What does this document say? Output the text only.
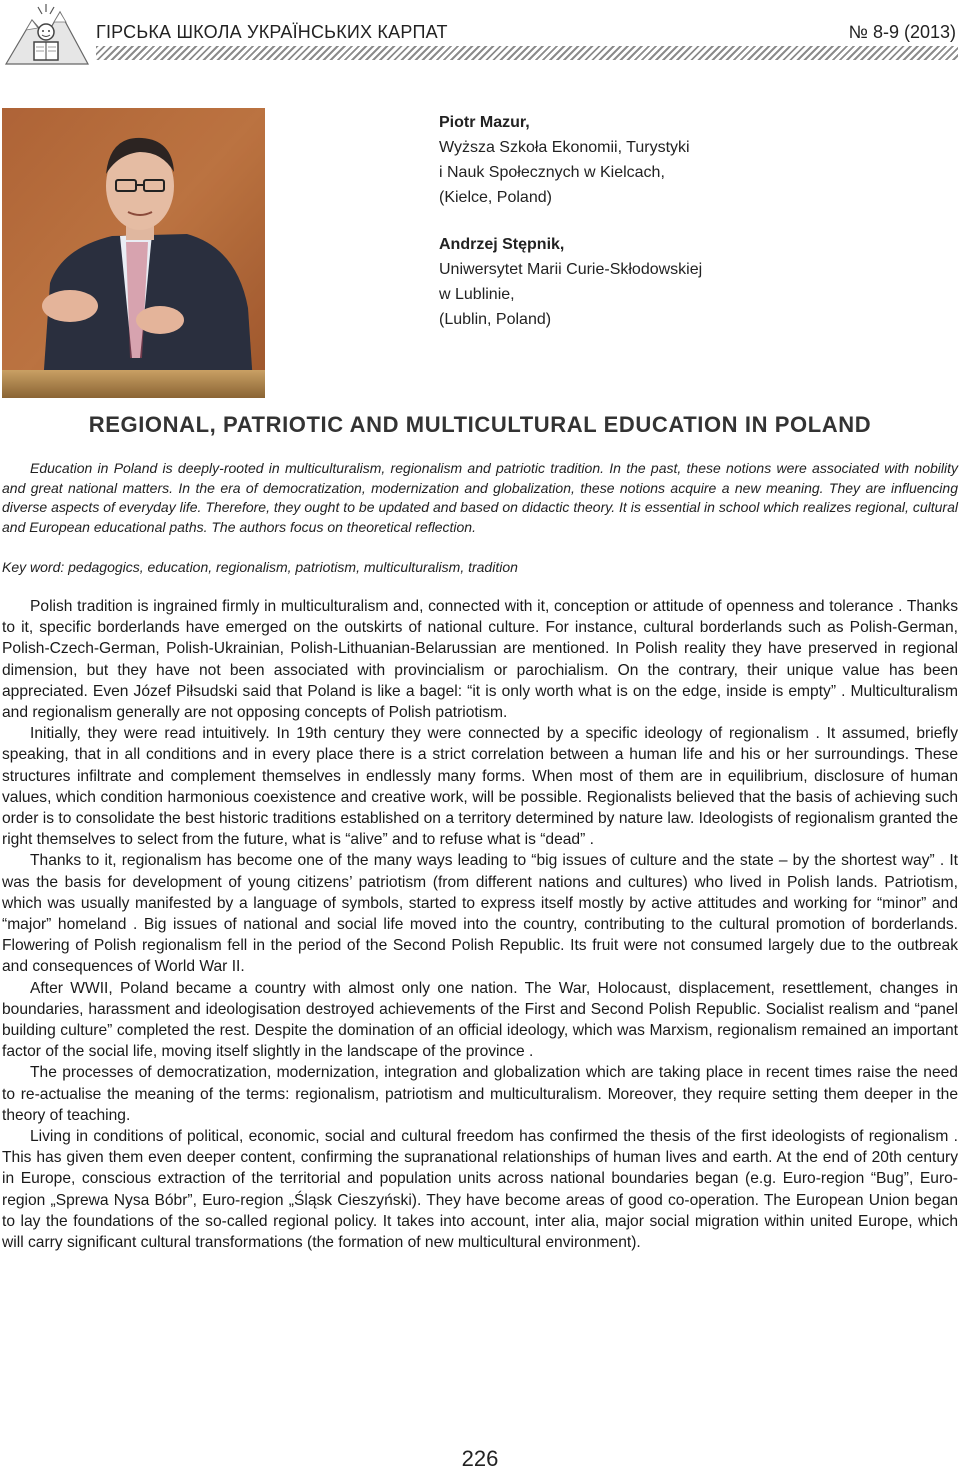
ГІРСЬКА ШКОЛА УКРАЇНСЬКИХ КАРПАТ	№ 8-9 (2013)
Piotr Mazur,
Wyższa Szkoła Ekonomii, Turystyki
i Nauk Społecznych w Kielcach,
(Kielce, Poland)
Andrzej Stępnik,
Uniwersytet Marii Curie-Skłodowskiej
w Lublinie,
(Lublin, Poland)
REGIONAL, PATRIOTIC AND MULTICULTURAL EDUCATION IN POLAND
Education in Poland is deeply-rooted in multiculturalism, regionalism and patriotic tradition. In the past, these notions were associated with nobility and great national matters. In the era of democratization, modernization and globalization, these notions acquire a new meaning. They are influencing diverse aspects of everyday life. Therefore, they ought to be updated and based on didactic theory. It is essential in school which realizes regional, cultural and European educational paths. The authors focus on theoretical reflection.
Key word: pedagogics, education, regionalism, patriotism, multiculturalism, tradition

Polish tradition is ingrained firmly in multiculturalism and, connected with it, conception or attitude of openness and tolerance . Thanks to it, specific borderlands have emerged on the outskirts of national culture. For instance, cultural borderlands such as Polish-German, Polish-Czech-German, Polish-Ukrainian, Polish-Lithuanian-Belarussian are mentioned. In Polish reality they have preserved in regional dimension, but they have not been associated with provincialism or parochialism. On the contrary, their unique value has been appreciated. Even Józef Piłsudski said that Poland is like a bagel: “it is only worth what is on the edge, inside is empty” . Multiculturalism and regionalism generally are not opposing concepts of Polish patriotism.

Initially, they were read intuitively. In 19th century they were connected by a specific ideology of regionalism . It assumed, briefly speaking, that in all conditions and in every place there is a strict correlation between a human life and his or her surroundings. These structures infiltrate and complement themselves in endlessly many forms. When most of them are in equilibrium, disclosure of human values, which condition harmonious coexistence and creative work, will be possible. Regionalists believed that the basis of achieving such order is to consolidate the best historic traditions established on a territory determined by nature law. Ideologists of regionalism granted the right themselves to select from the future, what is “alive” and to refuse what is “dead” .

Thanks to it, regionalism has become one of the many ways leading to “big issues of culture and the state – by the shortest way” . It was the basis for development of young citizens’ patriotism (from different nations and cultures) who lived in Polish lands. Patriotism, which was usually manifested by a language of symbols, started to express itself mostly by active attitudes and working for “minor” and “major” homeland . Big issues of national and social life moved into the country, contributing to the cultural promotion of borderlands. Flowering of Polish regionalism fell in the period of the Second Polish Republic. Its fruit were not consumed largely due to the outbreak and consequences of World War II.

After WWII, Poland became a country with almost only one nation. The War, Holocaust, displacement, resettlement, changes in boundaries, harassment and ideologisation destroyed achievements of the First and Second Polish Republic. Socialist realism and “panel building culture” completed the rest. Despite the domination of an official ideology, which was Marxism, regionalism remained an important factor of the social life, moving itself slightly in the landscape of the province .

The processes of democratization, modernization, integration and globalization which are taking place in recent times raise the need to re-actualise the meaning of the terms: regionalism, patriotism and multiculturalism. Moreover, they require setting them deeper in the theory of teaching.

Living in conditions of political, economic, social and cultural freedom has confirmed the thesis of the first ideologists of regionalism . This has given them even deeper content, confirming the supranational relationships of human lives and earth. At the end of 20th century in Europe, conscious extraction of the territorial and population units across national boundaries began (e.g. Euro-region “Bug”, Euro-region „Sprewa Nysa Bóbr”, Euro-region „Śląsk Cieszyński). They have become areas of good co-operation. The European Union began to lay the foundations of the so-called regional policy. It takes into account, inter alia, major social migration within united Europe, which will carry significant cultural transformations (the formation of new multicultural environment).

226
